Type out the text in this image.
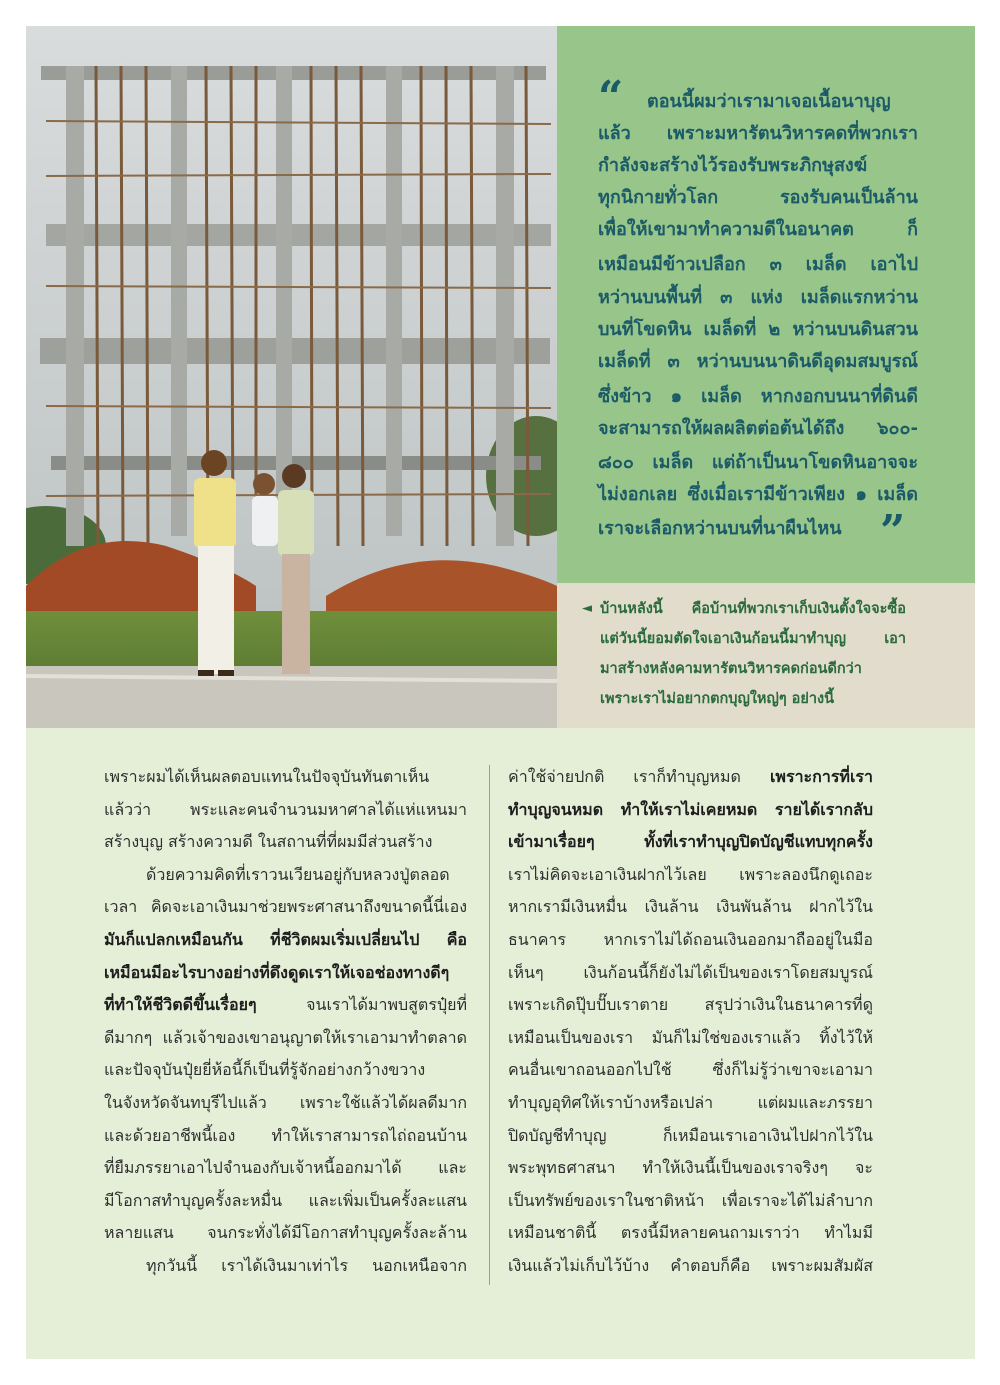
“
”
ตอนนี้ผมว่าเรามาเจอเนื้อนาบุญ
แล้ว เพราะมหารัตนวิหารคดที่พวกเรา
กำลังจะสร้างไว้รองรับพระภิกษุสงฆ์
ทุกนิกายทั่วโลก รองรับคนเป็นล้าน
เพื่อให้เขามาทำความดีในอนาคต ก็
เหมือนมีข้าวเปลือก ๓ เมล็ด เอาไป
หว่านบนพื้นที่ ๓ แห่ง เมล็ดแรกหว่าน
บนที่โขดหิน เมล็ดที่ ๒ หว่านบนดินสวน
เมล็ดที่ ๓ หว่านบนนาดินดีอุดมสมบูรณ์
ซึ่งข้าว ๑ เมล็ด หากงอกบนนาที่ดินดี
จะสามารถให้ผลผลิตต่อต้นได้ถึง ๖๐๐-
๘๐๐ เมล็ด แต่ถ้าเป็นนาโขดหินอาจจะ
ไม่งอกเลย ซึ่งเมื่อเรามีข้าวเพียง ๑ เมล็ด
เราจะเลือกหว่านบนที่นาผืนไหน
◄ บ้านหลังนี้ คือบ้านที่พวกเราเก็บเงินตั้งใจจะซื้อ
แต่วันนี้ยอมตัดใจเอาเงินก้อนนี้มาทำบุญ เอา
มาสร้างหลังคามหารัตนวิหารคดก่อนดีกว่า
เพราะเราไม่อยากตกบุญใหญ่ๆ อย่างนี้
เพราะผมได้เห็นผลตอบแทนในปัจจุบันทันตาเห็น
แล้วว่า พระและคนจำนวนมหาศาลได้แห่แหนมา
สร้างบุญ สร้างความดี ในสถานที่ที่ผมมีส่วนสร้าง
ด้วยความคิดที่เราวนเวียนอยู่กับหลวงปู่ตลอด
เวลา คิดจะเอาเงินมาช่วยพระศาสนาถึงขนาดนี้นี่เอง
มันก็แปลกเหมือนกัน ที่ชีวิตผมเริ่มเปลี่ยนไป คือ
เหมือนมีอะไรบางอย่างที่ดึงดูดเราให้เจอช่องทางดีๆ
ที่ทำให้ชีวิตดีขึ้นเรื่อยๆ จนเราได้มาพบสูตรปุ๋ยที่
ดีมากๆ แล้วเจ้าของเขาอนุญาตให้เราเอามาทำตลาด
และปัจจุบันปุ๋ยยี่ห้อนี้ก็เป็นที่รู้จักอย่างกว้างขวาง
ในจังหวัดจันทบุรีไปแล้ว เพราะใช้แล้วได้ผลดีมาก
และด้วยอาชีพนี้เอง ทำให้เราสามารถไถ่ถอนบ้าน
ที่ยืมภรรยาเอาไปจำนองกับเจ้าหนี้ออกมาได้ และ
มีโอกาสทำบุญครั้งละหมื่น และเพิ่มเป็นครั้งละแสน
หลายแสน จนกระทั่งได้มีโอกาสทำบุญครั้งละล้าน
ทุกวันนี้ เราได้เงินมาเท่าไร นอกเหนือจาก
ค่าใช้จ่ายปกติ เราก็ทำบุญหมด เพราะการที่เรา
ทำบุญจนหมด ทำให้เราไม่เคยหมด รายได้เรากลับ
เข้ามาเรื่อยๆ ทั้งที่เราทำบุญปิดบัญชีแทบทุกครั้ง
เราไม่คิดจะเอาเงินฝากไว้เลย เพราะลองนึกดูเถอะ
หากเรามีเงินหมื่น เงินล้าน เงินพันล้าน ฝากไว้ใน
ธนาคาร หากเราไม่ได้ถอนเงินออกมาถืออยู่ในมือ
เห็นๆ เงินก้อนนี้ก็ยังไม่ได้เป็นของเราโดยสมบูรณ์
เพราะเกิดปุ๊บปั๊บเราตาย สรุปว่าเงินในธนาคารที่ดู
เหมือนเป็นของเรา มันก็ไม่ใช่ของเราแล้ว ทิ้งไว้ให้
คนอื่นเขาถอนออกไปใช้ ซึ่งก็ไม่รู้ว่าเขาจะเอามา
ทำบุญอุทิศให้เราบ้างหรือเปล่า แต่ผมและภรรยา
ปิดบัญชีทำบุญ ก็เหมือนเราเอาเงินไปฝากไว้ใน
พระพุทธศาสนา ทำให้เงินนี้เป็นของเราจริงๆ จะ
เป็นทรัพย์ของเราในชาติหน้า เพื่อเราจะได้ไม่ลำบาก
เหมือนชาตินี้ ตรงนี้มีหลายคนถามเราว่า ทำไมมี
เงินแล้วไม่เก็บไว้บ้าง คำตอบก็คือ เพราะผมสัมผัส
